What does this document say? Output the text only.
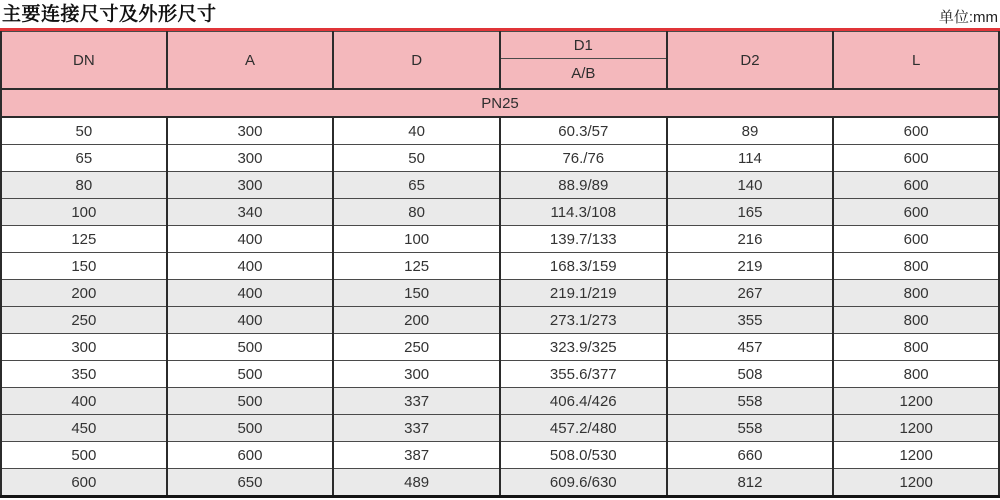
主要连接尺寸及外形尺寸	单位:mm
DN	A	D	D1	D2	L
			A/B		
PN25					
50	300	40	60.3/57	89	600
65	300	50	76./76	114	600
80	300	65	88.9/89	140	600
100	340	80	114.3/108	165	600
125	400	100	139.7/133	216	600
150	400	125	168.3/159	219	800
200	400	150	219.1/219	267	800
250	400	200	273.1/273	355	800
300	500	250	323.9/325	457	800
350	500	300	355.6/377	508	800
400	500	337	406.4/426	558	1200
450	500	337	457.2/480	558	1200
500	600	387	508.0/530	660	1200
600	650	489	609.6/630	812	1200
